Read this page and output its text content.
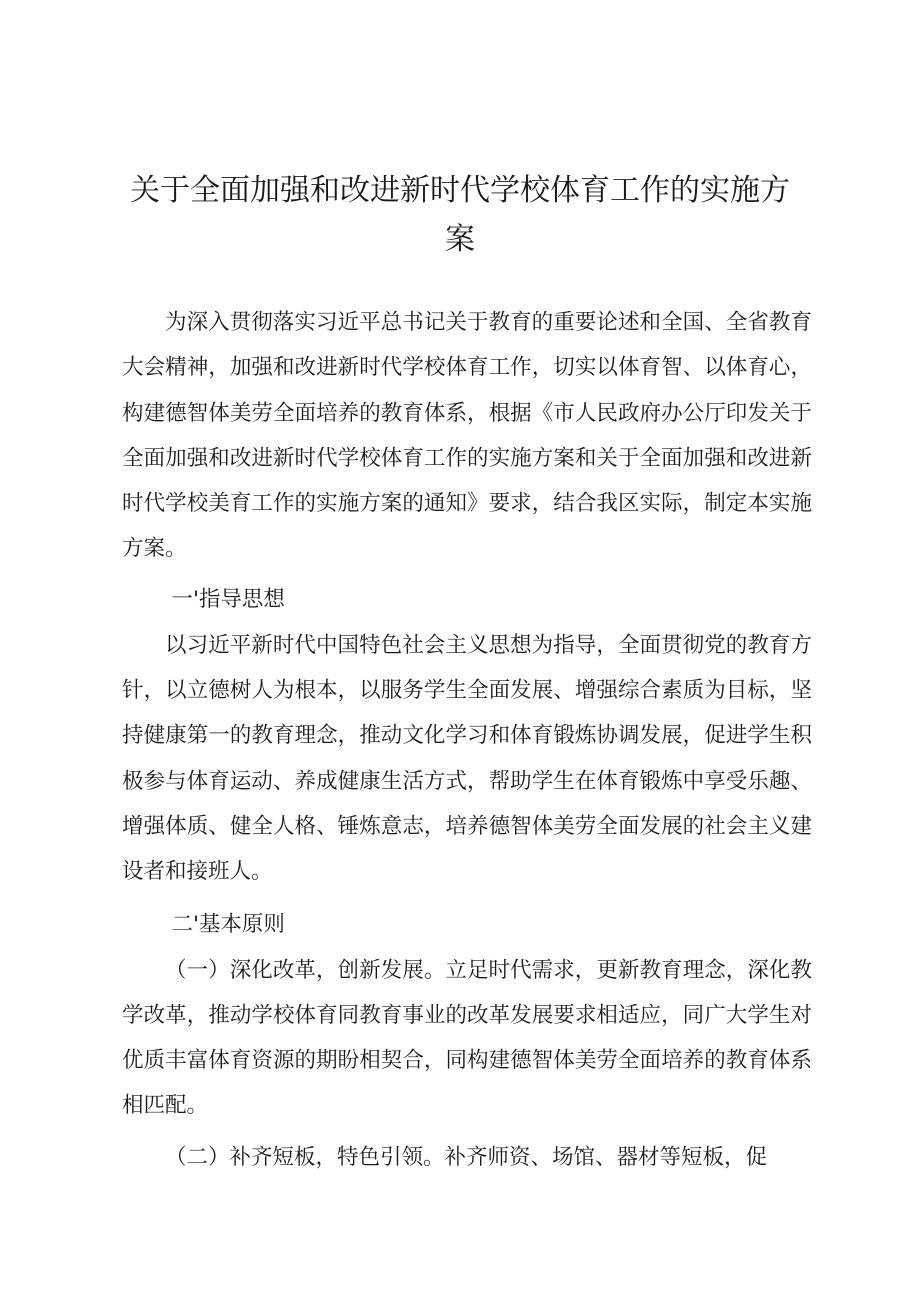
关于全面加强和改进新时代学校体育工作的实施方案

为深入贯彻落实习近平总书记关于教育的重要论述和全国、全省教育大会精神，加强和改进新时代学校体育工作，切实以体育智、以体育心，构建德智体美劳全面培养的教育体系，根据《市人民政府办公厅印发关于全面加强和改进新时代学校体育工作的实施方案和关于全面加强和改进新时代学校美育工作的实施方案的通知》要求，结合我区实际，制定本实施方案。

一'指导思想

以习近平新时代中国特色社会主义思想为指导，全面贯彻党的教育方针，以立德树人为根本，以服务学生全面发展、增强综合素质为目标，坚持健康第一的教育理念，推动文化学习和体育锻炼协调发展，促进学生积极参与体育运动、养成健康生活方式，帮助学生在体育锻炼中享受乐趣、增强体质、健全人格、锤炼意志，培养德智体美劳全面发展的社会主义建设者和接班人。

二'基本原则

（一）深化改革，创新发展。立足时代需求，更新教育理念，深化教学改革，推动学校体育同教育事业的改革发展要求相适应，同广大学生对优质丰富体育资源的期盼相契合，同构建德智体美劳全面培养的教育体系相匹配。

（二）补齐短板，特色引领。补齐师资、场馆、器材等短板，促
